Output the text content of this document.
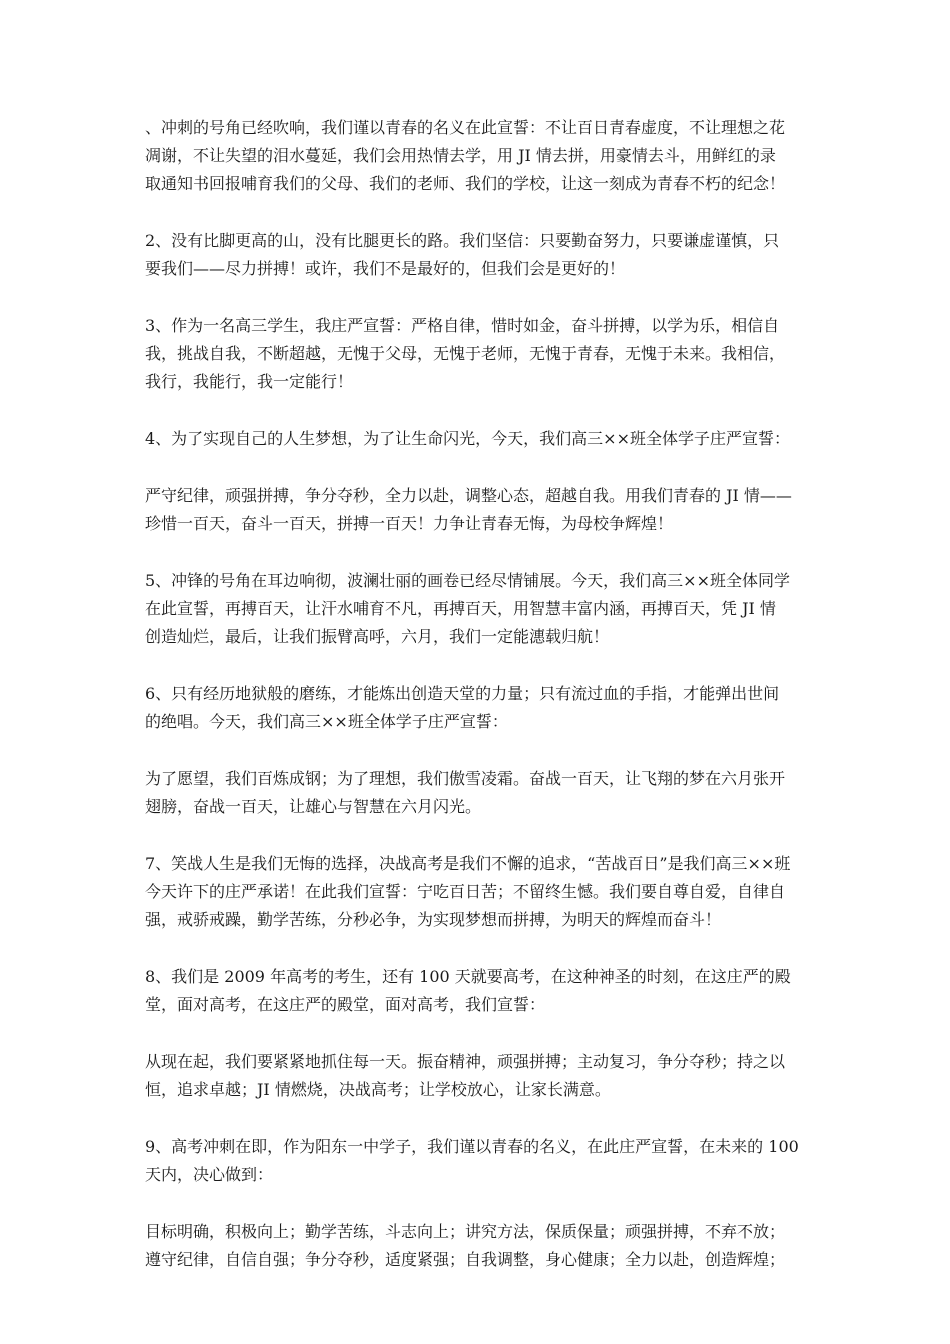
、冲刺的号角已经吹响，我们谨以青春的名义在此宣誓：不让百日青春虚度，不让理想之花
凋谢，不让失望的泪水蔓延，我们会用热情去学，用 JI 情去拼，用豪情去斗，用鲜红的录
取通知书回报哺育我们的父母、我们的老师、我们的学校，让这一刻成为青春不朽的纪念！

2、没有比脚更高的山，没有比腿更长的路。我们坚信：只要勤奋努力，只要谦虚谨慎，只
要我们——尽力拼搏！或许，我们不是最好的，但我们会是更好的！

3、作为一名高三学生，我庄严宣誓：严格自律，惜时如金，奋斗拼搏，以学为乐，相信自
我，挑战自我，不断超越，无愧于父母，无愧于老师，无愧于青春，无愧于未来。我相信，
我行，我能行，我一定能行！

4、为了实现自己的人生梦想，为了让生命闪光，今天，我们高三××班全体学子庄严宣誓：

严守纪律，顽强拼搏，争分夺秒，全力以赴，调整心态，超越自我。用我们青春的 JI 情——
珍惜一百天，奋斗一百天，拼搏一百天！力争让青春无悔，为母校争辉煌！

5、冲锋的号角在耳边响彻，波澜壮丽的画卷已经尽情铺展。今天，我们高三××班全体同学
在此宣誓，再搏百天，让汗水哺育不凡，再搏百天，用智慧丰富内涵，再搏百天，凭 JI 情
创造灿烂，最后，让我们振臂高呼，六月，我们一定能潓载归航！

6、只有经历地狱般的磨练，才能炼出创造天堂的力量；只有流过血的手指，才能弹出世间
的绝唱。今天，我们高三××班全体学子庄严宣誓：

为了愿望，我们百炼成钢；为了理想，我们傲雪凌霜。奋战一百天，让飞翔的梦在六月张开
翅膀，奋战一百天，让雄心与智慧在六月闪光。

7、笑战人生是我们无悔的选择，决战高考是我们不懈的追求，“苦战百日”是我们高三××班
今天许下的庄严承诺！在此我们宣誓：宁吃百日苦；不留终生憾。我们要自尊自爱，自律自
强，戒骄戒躁，勤学苦练，分秒必争，为实现梦想而拼搏，为明天的辉煌而奋斗！

8、我们是 2009 年高考的考生，还有 100 天就要高考，在这种神圣的时刻，在这庄严的殿
堂，面对高考，在这庄严的殿堂，面对高考，我们宣誓：

从现在起，我们要紧紧地抓住每一天。振奋精神，顽强拼搏；主动复习，争分夺秒；持之以
恒，追求卓越；JI 情燃烧，决战高考；让学校放心，让家长满意。

9、高考冲刺在即，作为阳东一中学子，我们谨以青春的名义，在此庄严宣誓，在未来的 100
天内，决心做到：

目标明确，积极向上；勤学苦练，斗志向上；讲究方法，保质保量；顽强拼搏，不弃不放；
遵守纪律，自信自强；争分夺秒，适度紧强；自我调整，身心健康；全力以赴，创造辉煌；
